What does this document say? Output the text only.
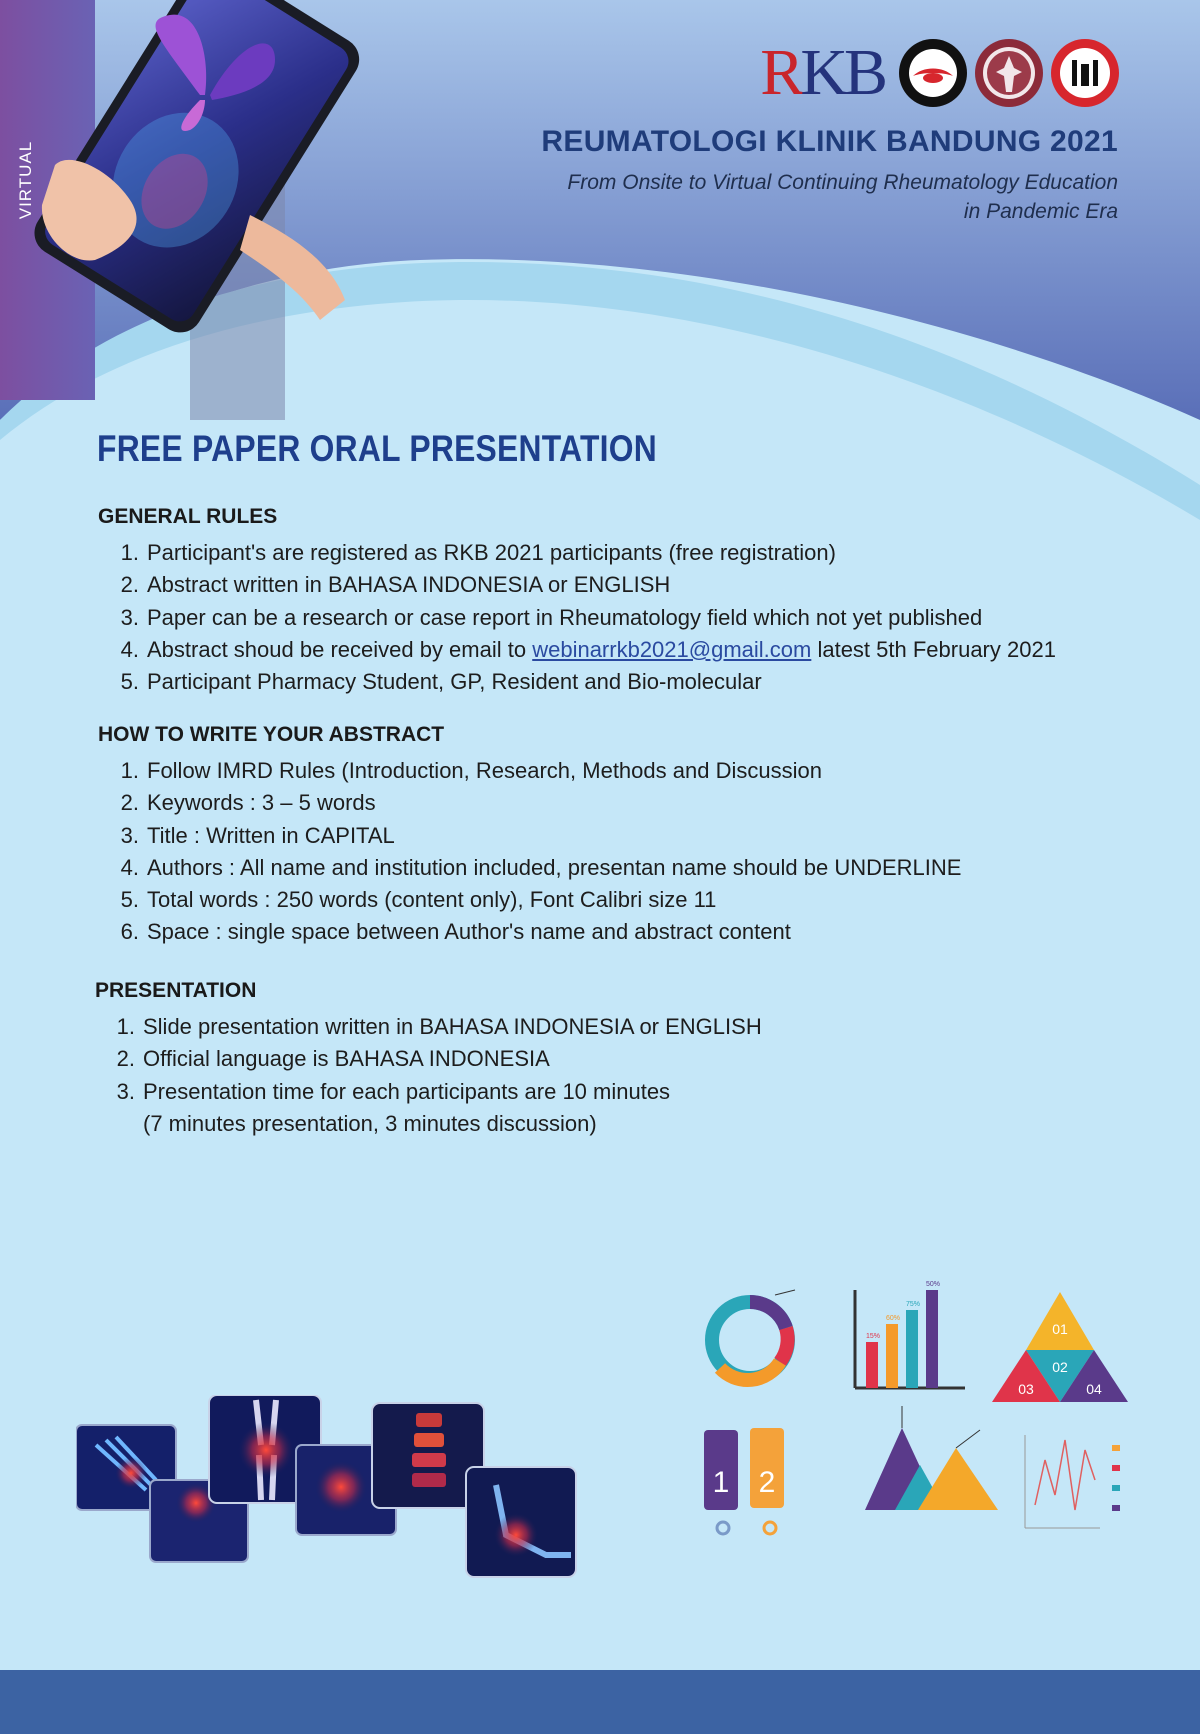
VIRTUAL
RKB
REUMATOLOGI KLINIK BANDUNG 2021
From Onsite to Virtual Continuing Rheumatology Education
in Pandemic Era
FREE PAPER ORAL PRESENTATION
GENERAL RULES
1. Participant's are registered as RKB 2021 participants (free registration)
2. Abstract written in BAHASA INDONESIA or ENGLISH
3. Paper can be a research or case report in Rheumatology field which not yet published
4. Abstract shoud be received by email to webinarrkb2021@gmail.com latest 5th February 2021
5. Participant Pharmacy Student, GP, Resident and Bio-molecular
HOW TO WRITE YOUR ABSTRACT
1. Follow IMRD Rules (Introduction, Research, Methods and Discussion
2. Keywords : 3 – 5 words
3. Title : Written in CAPITAL
4. Authors : All name and institution included, presentan name should be UNDERLINE
5. Total words : 250 words (content only), Font Calibri size 11
6. Space : single space between Author's name and abstract content
PRESENTATION
1. Slide presentation written in BAHASA INDONESIA or ENGLISH
2. Official language is BAHASA INDONESIA
3. Presentation time for each participants are 10 minutes
(7 minutes presentation, 3 minutes discussion)
15%
60%
75%
50%
01
02
03	04
1 2
